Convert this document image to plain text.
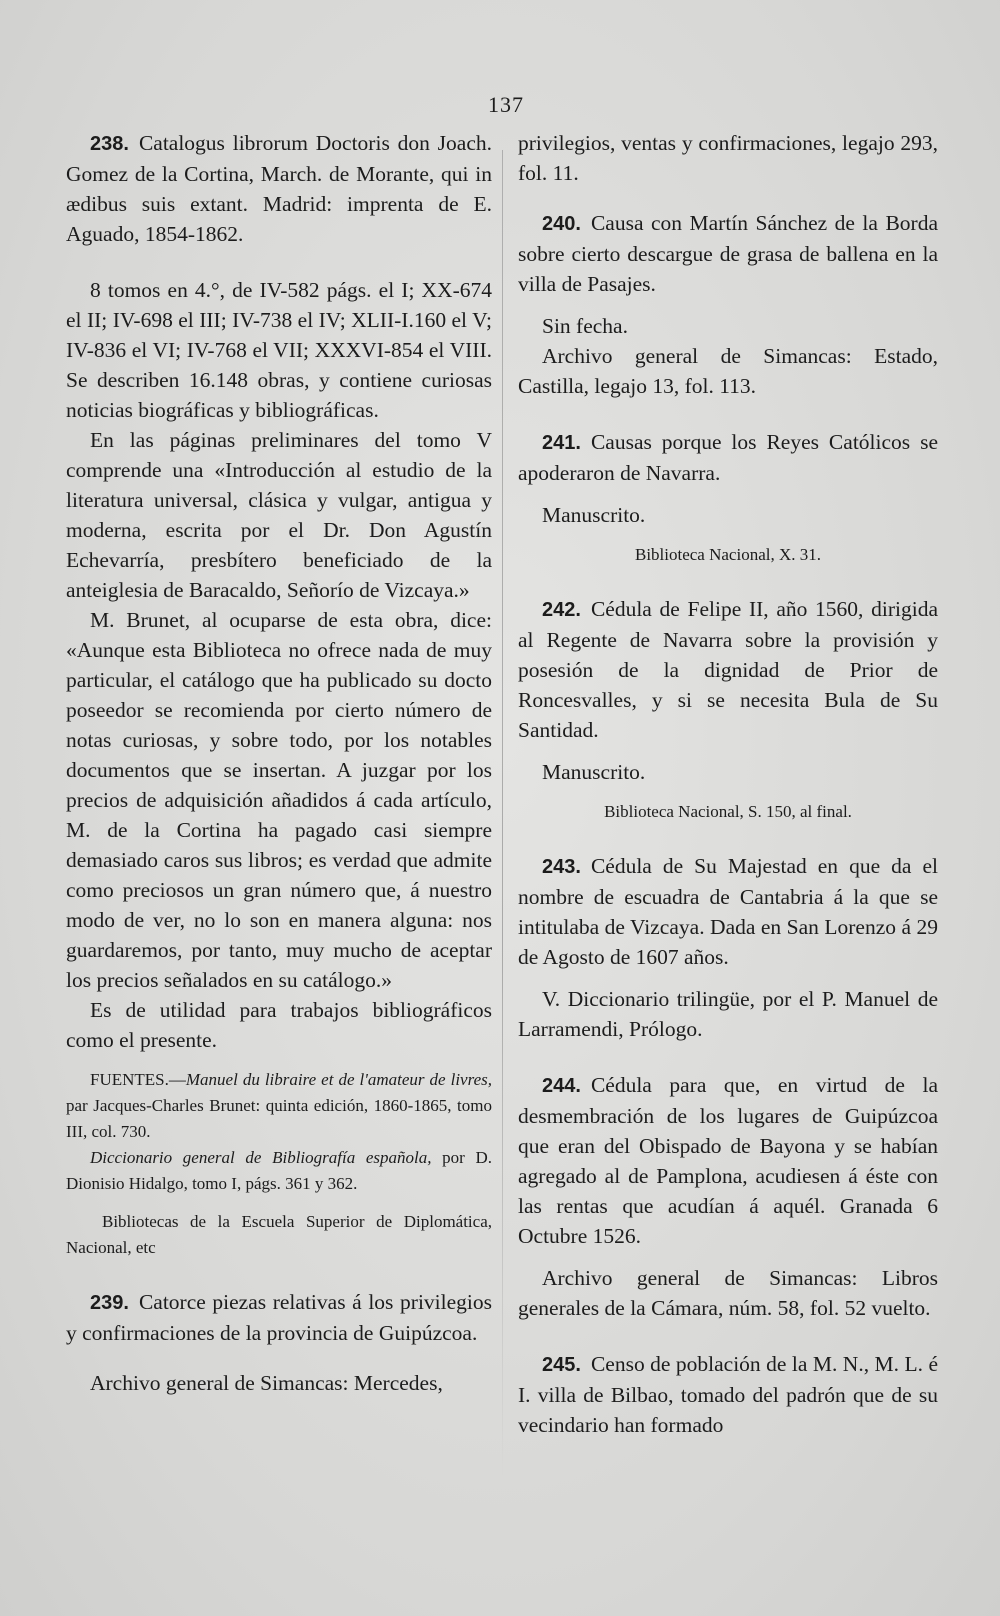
137

238. Catalogus librorum Doctoris don Joach. Gomez de la Cortina, March. de Morante, qui in ædibus suis extant. Madrid: imprenta de E. Aguado, 1854-1862.

8 tomos en 4.°, de IV-582 págs. el I; XX-674 el II; IV-698 el III; IV-738 el IV; XLII-I.160 el V; IV-836 el VI; IV-768 el VII; XXXVI-854 el VIII. Se describen 16.148 obras, y contiene curiosas noticias biográficas y bibliográficas.

En las páginas preliminares del tomo V comprende una «Introducción al estudio de la literatura universal, clásica y vulgar, antigua y moderna, escrita por el Dr. Don Agustín Echevarría, presbítero beneficiado de la anteiglesia de Baracaldo, Señorío de Vizcaya.»

M. Brunet, al ocuparse de esta obra, dice: «Aunque esta Biblioteca no ofrece nada de muy particular, el catálogo que ha publicado su docto poseedor se recomienda por cierto número de notas curiosas, y sobre todo, por los notables documentos que se insertan. A juzgar por los precios de adquisición añadidos á cada artículo, M. de la Cortina ha pagado casi siempre demasiado caros sus libros; es verdad que admite como preciosos un gran número que, á nuestro modo de ver, no lo son en manera alguna: nos guardaremos, por tanto, muy mucho de aceptar los precios señalados en su catálogo.»

Es de utilidad para trabajos bibliográficos como el presente.

FUENTES.—Manuel du libraire et de l'amateur de livres, par Jacques-Charles Brunet: quinta edición, 1860-1865, tomo III, col. 730.

Diccionario general de Bibliografía española, por D. Dionisio Hidalgo, tomo I, págs. 361 y 362.

Bibliotecas de la Escuela Superior de Diplomática, Nacional, etc

239. Catorce piezas relativas á los privilegios y confirmaciones de la provincia de Guipúzcoa.

Archivo general de Simancas: Mercedes,

privilegios, ventas y confirmaciones, legajo 293, fol. 11.

240. Causa con Martín Sánchez de la Borda sobre cierto descargue de grasa de ballena en la villa de Pasajes.

Sin fecha.

Archivo general de Simancas: Estado, Castilla, legajo 13, fol. 113.

241. Causas porque los Reyes Católicos se apoderaron de Navarra.

Manuscrito.

Biblioteca Nacional, X. 31.

242. Cédula de Felipe II, año 1560, dirigida al Regente de Navarra sobre la provisión y posesión de la dignidad de Prior de Roncesvalles, y si se necesita Bula de Su Santidad.

Manuscrito.

Biblioteca Nacional, S. 150, al final.

243. Cédula de Su Majestad en que da el nombre de escuadra de Cantabria á la que se intitulaba de Vizcaya. Dada en San Lorenzo á 29 de Agosto de 1607 años.

V. Diccionario trilingüe, por el P. Manuel de Larramendi, Prólogo.

244. Cédula para que, en virtud de la desmembración de los lugares de Guipúzcoa que eran del Obispado de Bayona y se habían agregado al de Pamplona, acudiesen á éste con las rentas que acudían á aquél. Granada 6 Octubre 1526.

Archivo general de Simancas: Libros generales de la Cámara, núm. 58, fol. 52 vuelto.

245. Censo de población de la M. N., M. L. é I. villa de Bilbao, tomado del padrón que de su vecindario han formado
